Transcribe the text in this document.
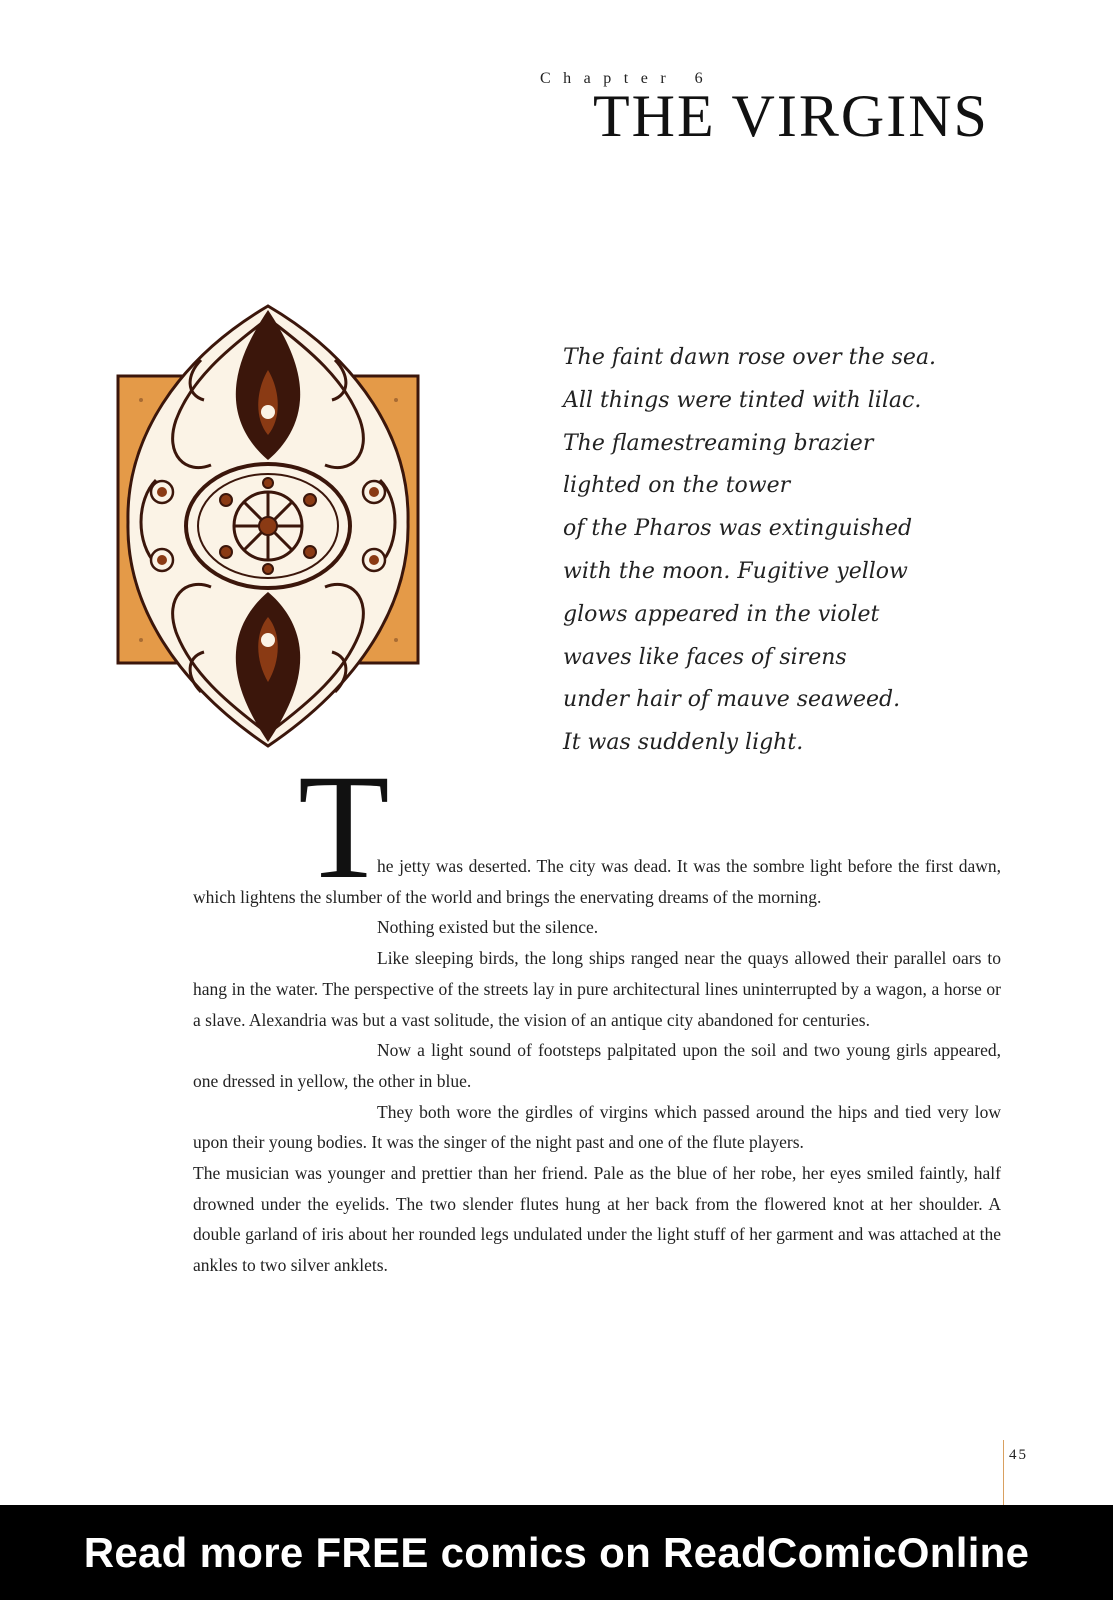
Chapter 6
THE VIRGINS
The faint dawn rose over the sea.
All things were tinted with lilac.
The flamestreaming brazier
lighted on the tower
of the Pharos was extinguished
with the moon. Fugitive yellow
glows appeared in the violet
waves like faces of sirens
under hair of mauve seaweed.
It was suddenly light.
T

he jetty was deserted. The city was dead. It was the sombre light before the first dawn, which lightens the slumber of the world and brings the enervating dreams of the morning.

Nothing existed but the silence.

Like sleeping birds, the long ships ranged near the quays allowed their parallel oars to hang in the water. The perspective of the streets lay in pure architectural lines uninterrupted by a wagon, a horse or a slave. Alexandria was but a vast solitude, the vision of an antique city abandoned for centuries.

Now a light sound of footsteps palpitated upon the soil and two young girls appeared, one dressed in yellow, the other in blue.

They both wore the girdles of virgins which passed around the hips and tied very low upon their young bodies. It was the singer of the night past and one of the flute players.

The musician was younger and prettier than her friend. Pale as the blue of her robe, her eyes smiled faintly, half drowned under the eyelids. The two slender flutes hung at her back from the flowered knot at her shoulder. A double garland of iris about her rounded legs undulated under the light stuff of her garment and was attached at the ankles to two silver anklets.

45
Read more FREE comics on ReadComicOnline
